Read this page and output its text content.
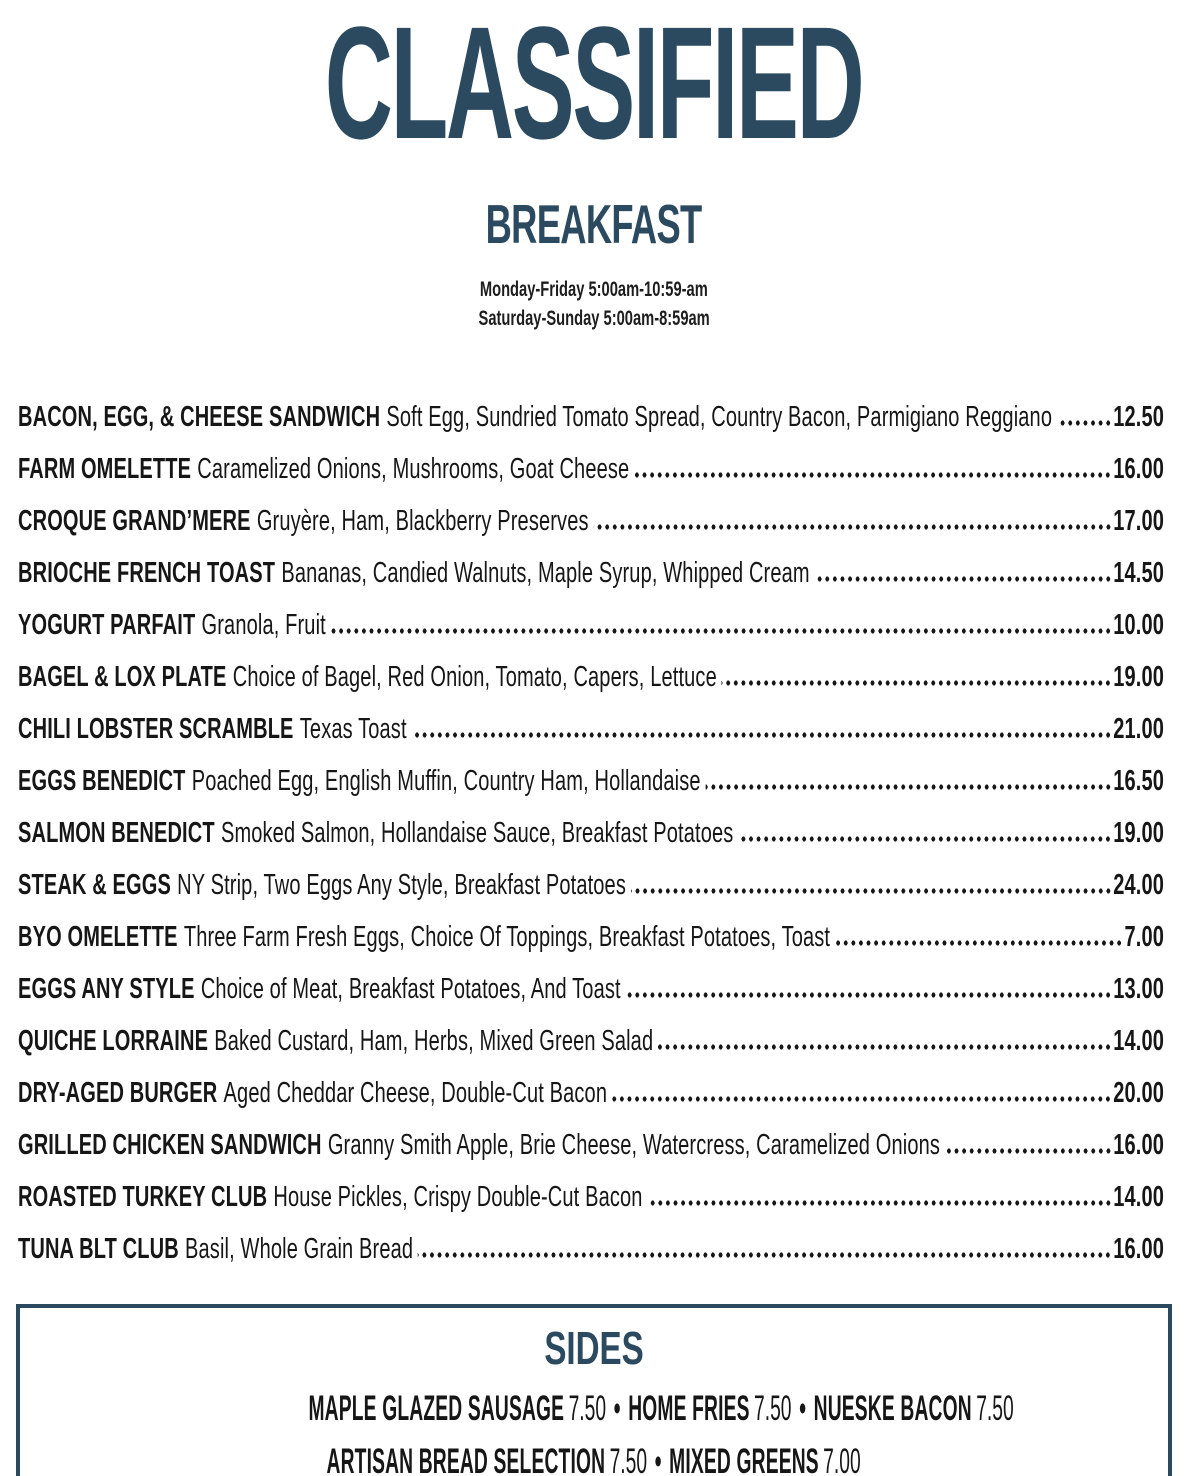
CLASSIFIED
BREAKFAST
Monday-Friday 5:00am-10:59-am
Saturday-Sunday 5:00am-8:59am
BACON, EGG, & CHEESE SANDWICH Soft Egg, Sundried Tomato Spread, Country Bacon, Parmigiano Reggiano 12.50
FARM OMELETTE Caramelized Onions, Mushrooms, Goat Cheese	16.00
CROQUE GRAND’MERE Gruyère, Ham, Blackberry Preserves	17.00
BRIOCHE FRENCH TOAST Bananas, Candied Walnuts, Maple Syrup, Whipped Cream	14.50
YOGURT PARFAIT Granola, Fruit	10.00
BAGEL & LOX PLATE Choice of Bagel, Red Onion, Tomato, Capers, Lettuce	19.00
CHILI LOBSTER SCRAMBLE Texas Toast	21.00
EGGS BENEDICT Poached Egg, English Muffin, Country Ham, Hollandaise	16.50
SALMON BENEDICT Smoked Salmon, Hollandaise Sauce, Breakfast Potatoes	19.00
STEAK & EGGS NY Strip, Two Eggs Any Style, Breakfast Potatoes	24.00
BYO OMELETTE Three Farm Fresh Eggs, Choice Of Toppings, Breakfast Potatoes, Toast	7.00
EGGS ANY STYLE Choice of Meat, Breakfast Potatoes, And Toast	13.00
QUICHE LORRAINE Baked Custard, Ham, Herbs, Mixed Green Salad	14.00
DRY-AGED BURGER Aged Cheddar Cheese, Double-Cut Bacon	20.00
GRILLED CHICKEN SANDWICH Granny Smith Apple, Brie Cheese, Watercress, Caramelized Onions	16.00
ROASTED TURKEY CLUB House Pickles, Crispy Double-Cut Bacon	14.00
TUNA BLT CLUB Basil, Whole Grain Bread	16.00
SIDES
MAPLE GLAZED SAUSAGE 7.50 • HOME FRIES 7.50 • NUESKE BACON 7.50
ARTISAN BREAD SELECTION 7.50 • MIXED GREENS 7.00
